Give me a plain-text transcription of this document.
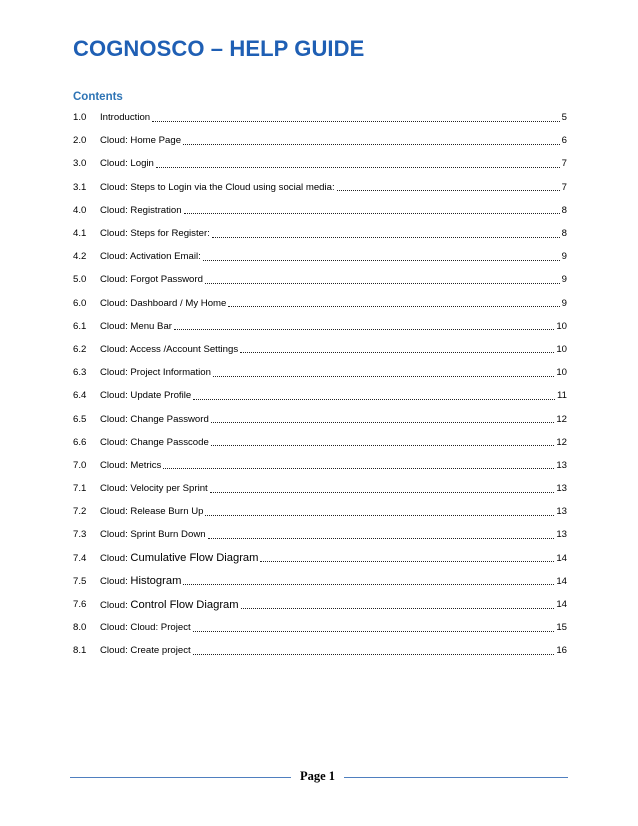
COGNOSCO – HELP GUIDE
Contents
1.0	Introduction	5
2.0	Cloud: Home Page	6
3.0	Cloud: Login	7
3.1	Cloud: Steps to Login via the Cloud using social media:	7
4.0	Cloud: Registration	8
4.1	Cloud: Steps for Register:	8
4.2	Cloud: Activation Email:	9
5.0	Cloud: Forgot Password	9
6.0	Cloud: Dashboard / My Home	9
6.1	Cloud: Menu Bar	10
6.2	Cloud: Access /Account Settings	10
6.3	Cloud: Project Information	10
6.4	Cloud: Update Profile	11
6.5	Cloud: Change Password	12
6.6	Cloud: Change Passcode	12
7.0	Cloud: Metrics	13
7.1	Cloud: Velocity per Sprint	13
7.2	Cloud: Release Burn Up	13
7.3	Cloud: Sprint Burn Down	13
7.4	Cloud: Cumulative Flow Diagram	14
7.5	Cloud: Histogram	14
7.6	Cloud: Control Flow Diagram	14
8.0	Cloud: Cloud: Project	15
8.1	Cloud: Create project	16
Page 1
